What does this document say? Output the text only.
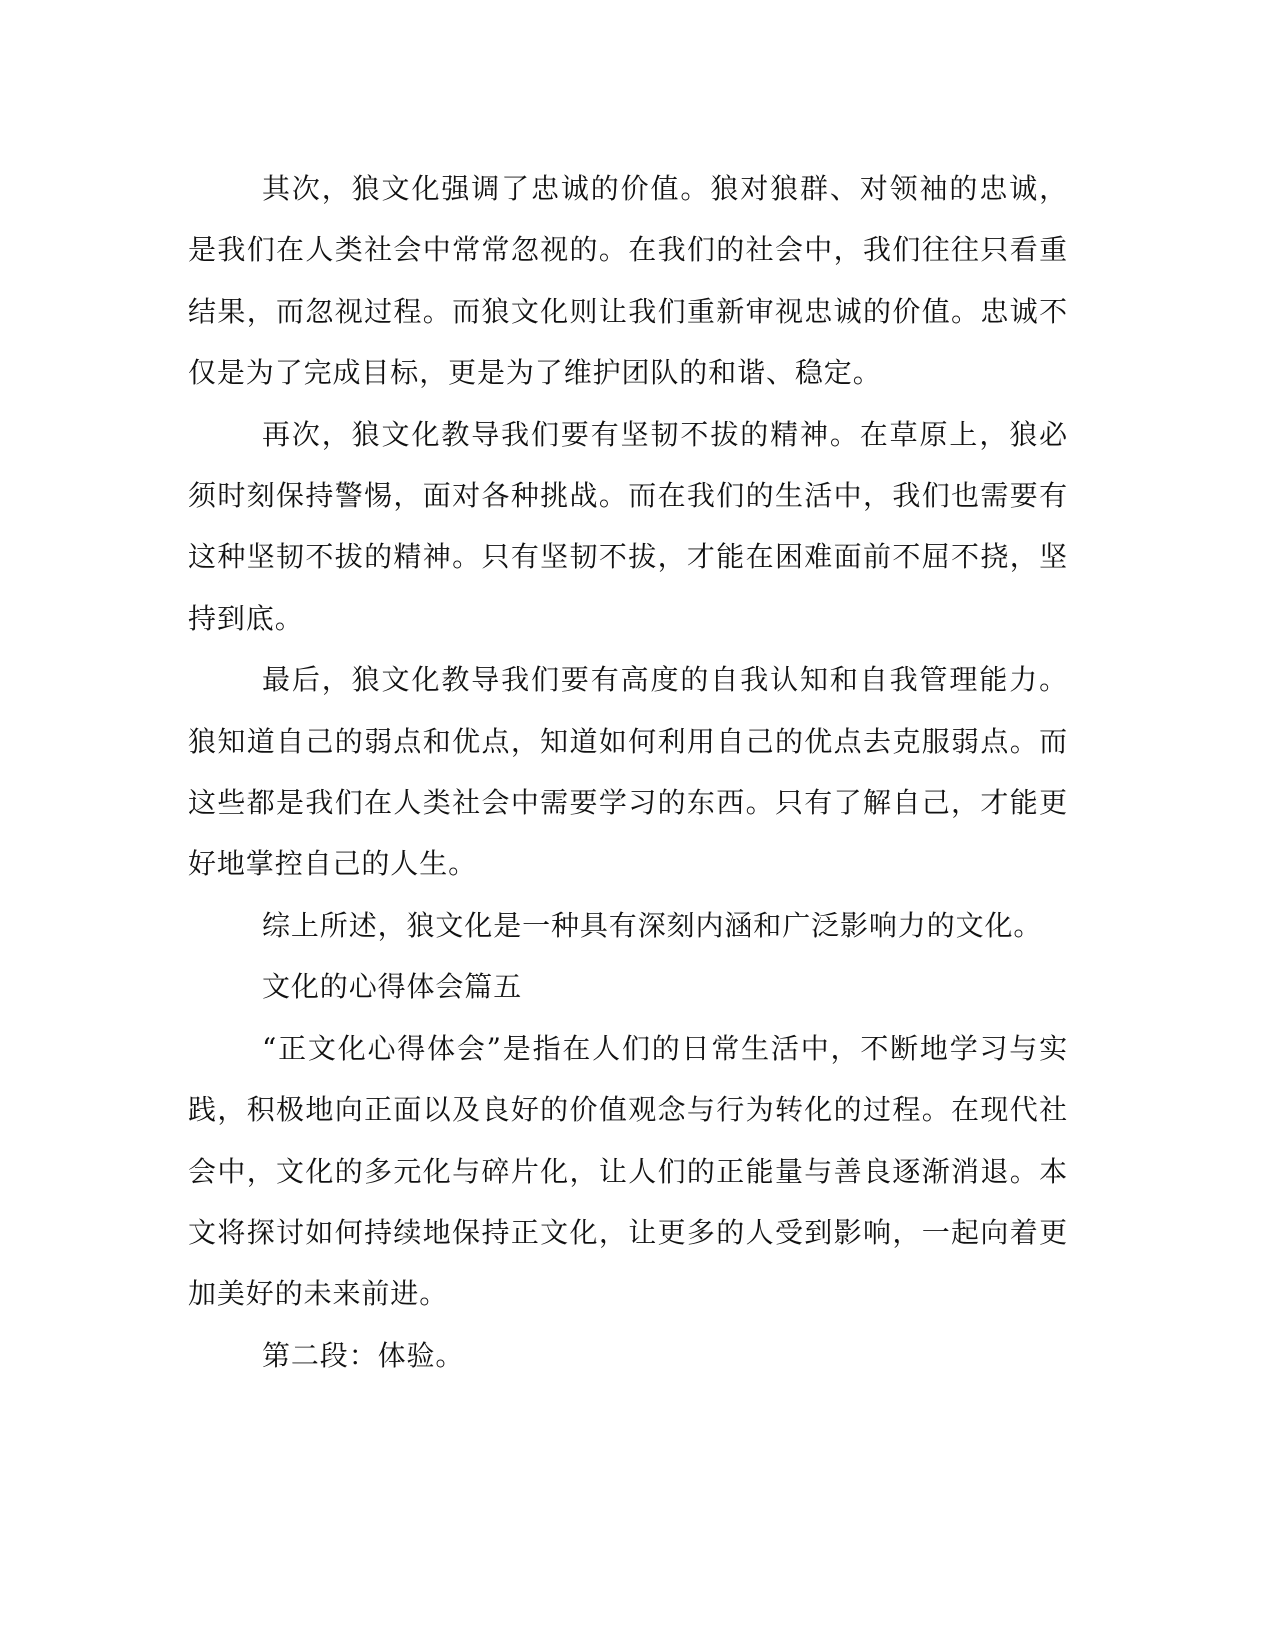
其次，狼文化强调了忠诚的价值。狼对狼群、对领袖的忠诚，是我们在人类社会中常常忽视的。在我们的社会中，我们往往只看重结果，而忽视过程。而狼文化则让我们重新审视忠诚的价值。忠诚不仅是为了完成目标，更是为了维护团队的和谐、稳定。

再次，狼文化教导我们要有坚韧不拔的精神。在草原上，狼必须时刻保持警惕，面对各种挑战。而在我们的生活中，我们也需要有这种坚韧不拔的精神。只有坚韧不拔，才能在困难面前不屈不挠，坚持到底。

最后，狼文化教导我们要有高度的自我认知和自我管理能力。狼知道自己的弱点和优点，知道如何利用自己的优点去克服弱点。而这些都是我们在人类社会中需要学习的东西。只有了解自己，才能更好地掌控自己的人生。

综上所述，狼文化是一种具有深刻内涵和广泛影响力的文化。

文化的心得体会篇五

“正文化心得体会”是指在人们的日常生活中，不断地学习与实践，积极地向正面以及良好的价值观念与行为转化的过程。在现代社会中，文化的多元化与碎片化，让人们的正能量与善良逐渐消退。本文将探讨如何持续地保持正文化，让更多的人受到影响，一起向着更加美好的未来前进。

第二段：体验。
